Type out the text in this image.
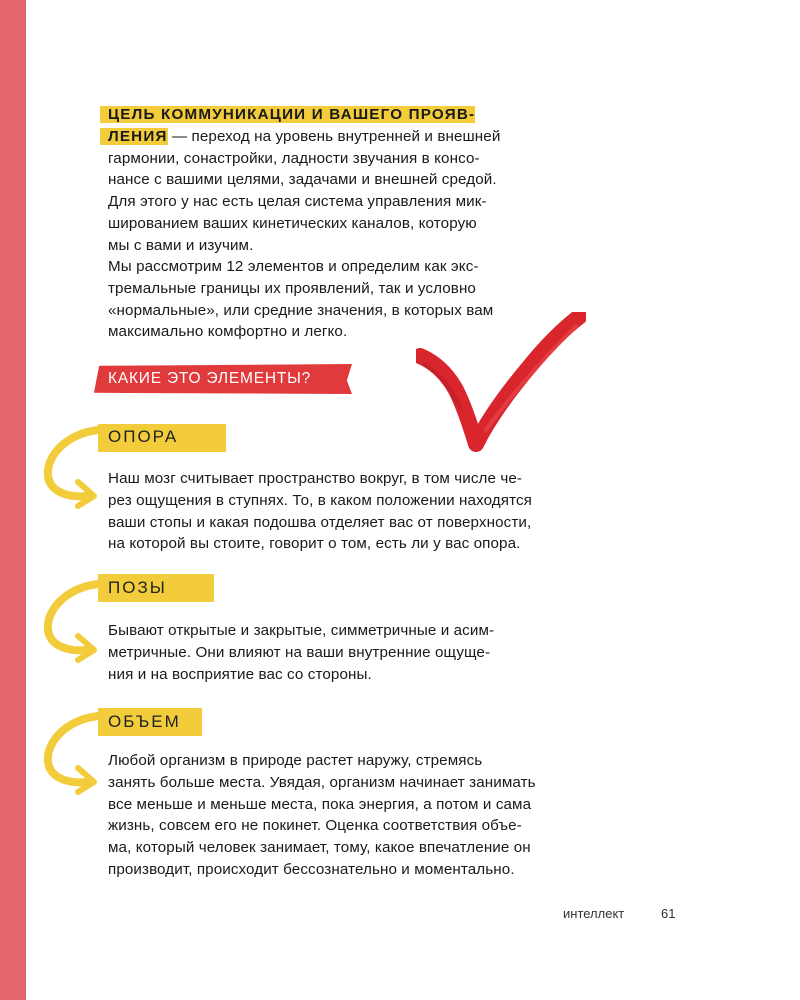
ЦЕЛЬ КОММУНИКАЦИИ И ВАШЕГО ПРОЯВ-

ЛЕНИЯ — переход на уровень внутренней и внешней

гармонии, сонастройки, ладности звучания в консо-

нансе с вашими целями, задачами и внешней средой.

Для этого у нас есть целая система управления мик-

шированием ваших кинетических каналов, которую

мы с вами и изучим.

Мы рассмотрим 12 элементов и определим как экс-

тремальные границы их проявлений, так и условно

«нормальные», или средние значения, в которых вам

максимально комфортно и легко.

КАКИЕ ЭТО ЭЛЕМЕНТЫ?
ОПОРА

Наш мозг считывает пространство вокруг, в том числе че-

рез ощущения в ступнях. То, в каком положении находятся

ваши стопы и какая подошва отделяет вас от поверхности,

на которой вы стоите, говорит о том, есть ли у вас опора.

ПОЗЫ

Бывают открытые и закрытые, симметричные и асим-

метричные. Они влияют на ваши внутренние ощуще-

ния и на восприятие вас со стороны.

ОБЪЕМ

Любой организм в природе растет наружу, стремясь

занять больше места. Увядая, организм начинает занимать

все меньше и меньше места, пока энергия, а потом и сама

жизнь, совсем его не покинет. Оценка соответствия объе-

ма, который человек занимает, тому, какое впечатление он

производит, происходит бессознательно и моментально.

интеллект	61
